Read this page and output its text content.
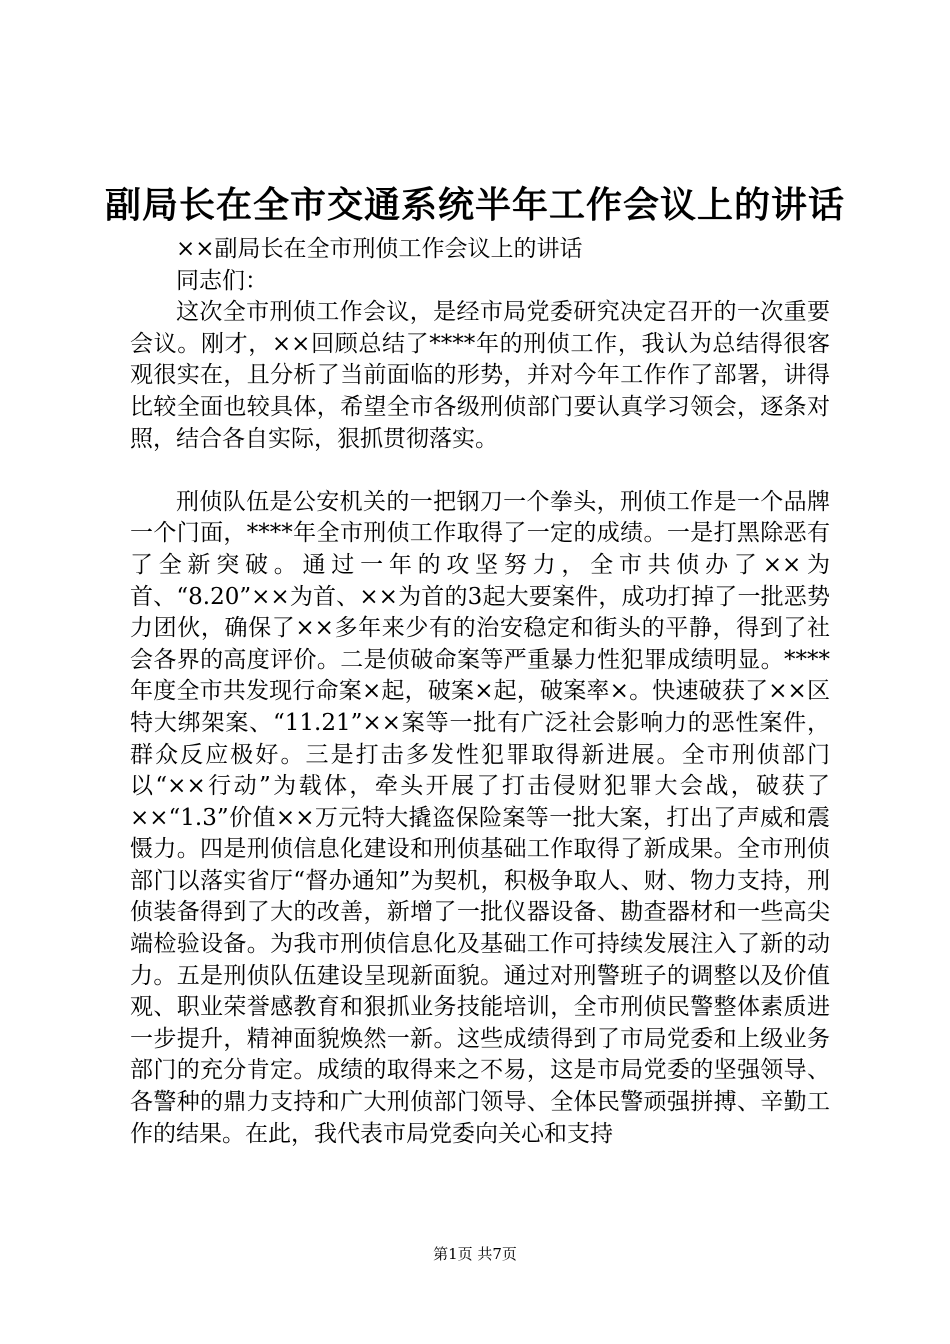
副局长在全市交通系统半年工作会议上的讲话

××副局长在全市刑侦工作会议上的讲话

同志们：

这次全市刑侦工作会议，是经市局党委研究决定召开的一次重要会议。刚才，××回顾总结了****年的刑侦工作，我认为总结得很客观很实在，且分析了当前面临的形势，并对今年工作作了部署，讲得比较全面也较具体，希望全市各级刑侦部门要认真学习领会，逐条对照，结合各自实际，狠抓贯彻落实。

刑侦队伍是公安机关的一把钢刀一个拳头，刑侦工作是一个品牌一个门面，****年全市刑侦工作取得了一定的成绩。一是打黑除恶有了全新突破。通过一年的攻坚努力，全市共侦办了××为首、“8.20”××为首、××为首的3起大要案件，成功打掉了一批恶势力团伙，确保了××多年来少有的治安稳定和街头的平静，得到了社会各界的高度评价。二是侦破命案等严重暴力性犯罪成绩明显。****年度全市共发现行命案×起，破案×起，破案率×。快速破获了××区特大绑架案、“11.21”××案等一批有广泛社会影响力的恶性案件，群众反应极好。三是打击多发性犯罪取得新进展。全市刑侦部门以“××行动”为载体，牵头开展了打击侵财犯罪大会战，破获了××“1.3”价值××万元特大撬盗保险案等一批大案，打出了声威和震慑力。四是刑侦信息化建设和刑侦基础工作取得了新成果。全市刑侦部门以落实省厅“督办通知”为契机，积极争取人、财、物力支持，刑侦装备得到了大的改善，新增了一批仪器设备、勘查器材和一些高尖端检验设备。为我市刑侦信息化及基础工作可持续发展注入了新的动力。五是刑侦队伍建设呈现新面貌。通过对刑警班子的调整以及价值观、职业荣誉感教育和狠抓业务技能培训，全市刑侦民警整体素质进一步提升，精神面貌焕然一新。这些成绩得到了市局党委和上级业务部门的充分肯定。成绩的取得来之不易，这是市局党委的坚强领导、各警种的鼎力支持和广大刑侦部门领导、全体民警顽强拼搏、辛勤工作的结果。在此，我代表市局党委向关心和支持

第1页 共7页
